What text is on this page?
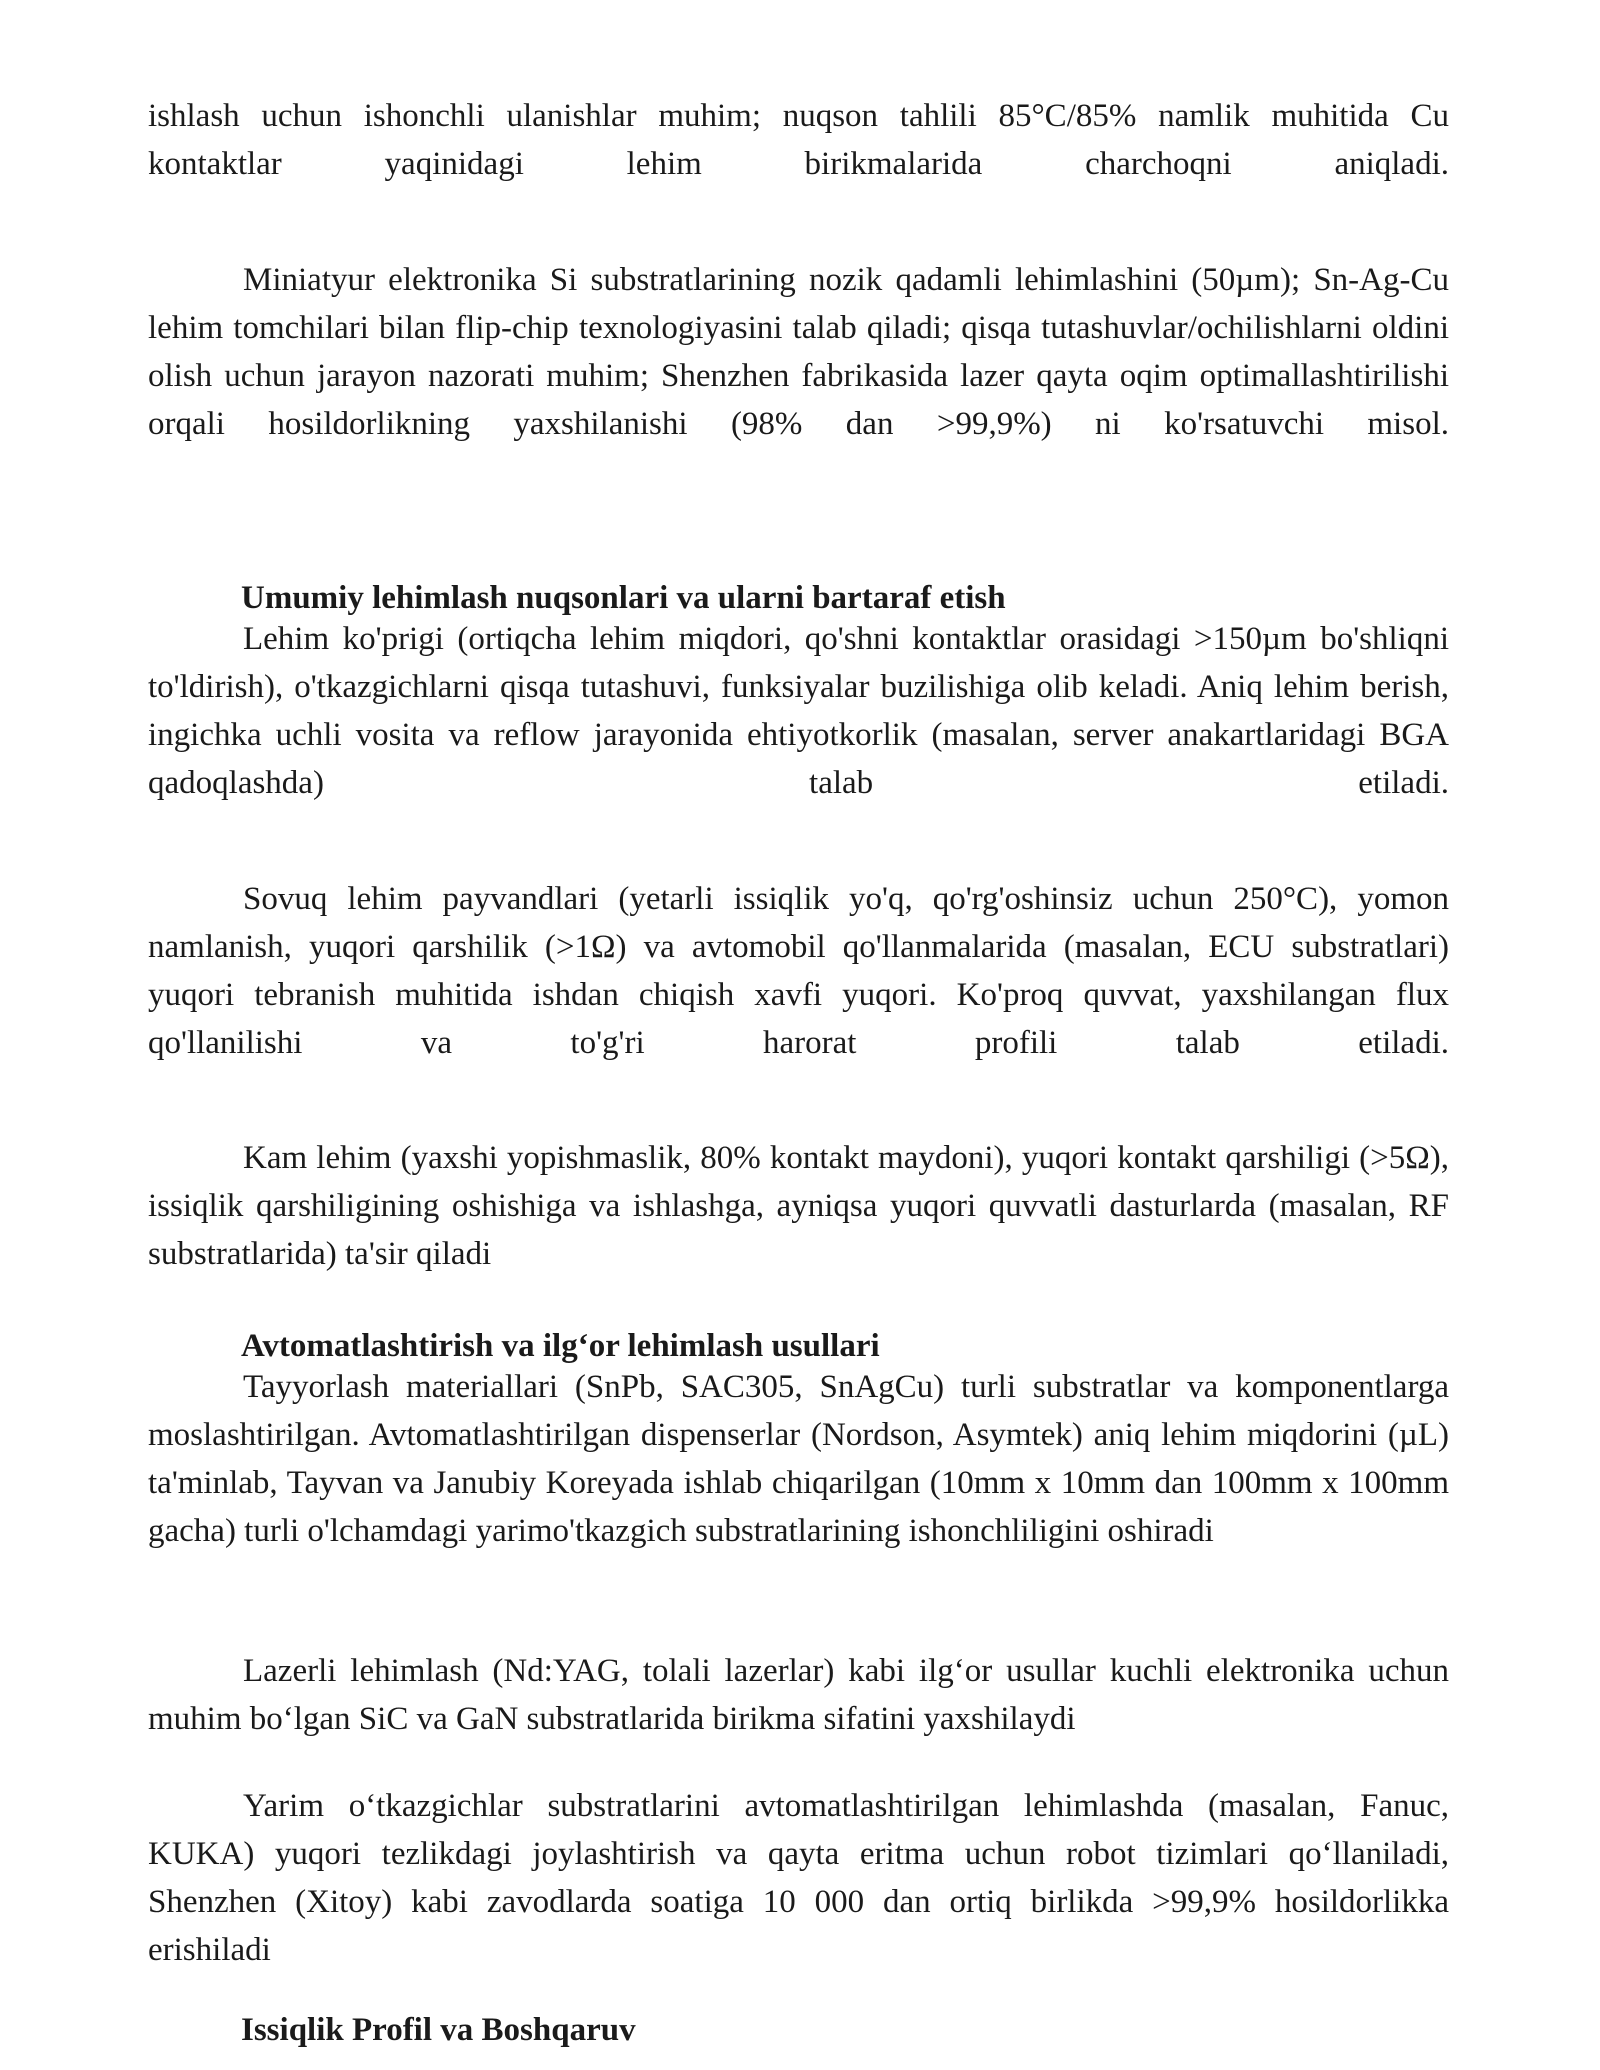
ishlash uchun ishonchli ulanishlar muhim; nuqson tahlili 85°C/85% namlik muhitida Cu kontaktlar yaqinidagi lehim birikmalarida charchoqni aniqladi.

Miniatyur elektronika Si substratlarining nozik qadamli lehimlashini (50µm); Sn-Ag-Cu lehim tomchilari bilan flip-chip texnologiyasini talab qiladi; qisqa tutashuvlar/ochilishlarni oldini olish uchun jarayon nazorati muhim; Shenzhen fabrikasida lazer qayta oqim optimallashtirilishi orqali hosildorlikning yaxshilanishi (98% dan >99,9%) ni ko'rsatuvchi misol.

Umumiy lehimlash nuqsonlari va ularni bartaraf etish

Lehim ko'prigi (ortiqcha lehim miqdori, qo'shni kontaktlar orasidagi >150µm bo'shliqni to'ldirish), o'tkazgichlarni qisqa tutashuvi, funksiyalar buzilishiga olib keladi. Aniq lehim berish, ingichka uchli vosita va reflow jarayonida ehtiyotkorlik (masalan, server anakartlaridagi BGA qadoqlashda) talab etiladi.

Sovuq lehim payvandlari (yetarli issiqlik yo'q, qo'rg'oshinsiz uchun 250°C), yomon namlanish, yuqori qarshilik (>1Ω) va avtomobil qo'llanmalarida (masalan, ECU substratlari) yuqori tebranish muhitida ishdan chiqish xavfi yuqori. Ko'proq quvvat, yaxshilangan flux qo'llanilishi va to'g'ri harorat profili talab etiladi.

Kam lehim (yaxshi yopishmaslik, 80% kontakt maydoni), yuqori kontakt qarshiligi (>5Ω), issiqlik qarshiligining oshishiga va ishlashga, ayniqsa yuqori quvvatli dasturlarda (masalan, RF substratlarida) ta'sir qiladi

Avtomatlashtirish va ilg‘or lehimlash usullari

Tayyorlash materiallari (SnPb, SAC305, SnAgCu) turli substratlar va komponentlarga moslashtirilgan. Avtomatlashtirilgan dispenserlar (Nordson, Asymtek) aniq lehim miqdorini (µL) ta'minlab, Tayvan va Janubiy Koreyada ishlab chiqarilgan (10mm x 10mm dan 100mm x 100mm gacha) turli o'lchamdagi yarimo'tkazgich substratlarining ishonchliligini oshiradi

Lazerli lehimlash (Nd:YAG, tolali lazerlar) kabi ilg‘or usullar kuchli elektronika uchun muhim bo‘lgan SiC va GaN substratlarida birikma sifatini yaxshilaydi

Yarim o‘tkazgichlar substratlarini avtomatlashtirilgan lehimlashda (masalan, Fanuc, KUKA) yuqori tezlikdagi joylashtirish va qayta eritma uchun robot tizimlari qo‘llaniladi, Shenzhen (Xitoy) kabi zavodlarda soatiga 10 000 dan ortiq birlikda >99,9% hosildorlikka erishiladi

Issiqlik Profil va Boshqaruv
